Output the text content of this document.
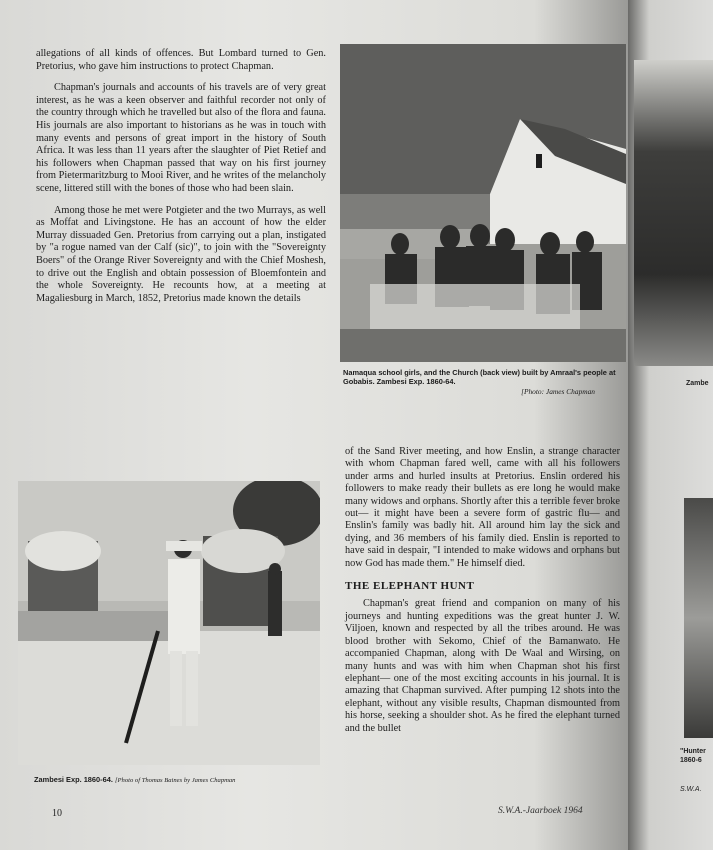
allegations of all kinds of offences. But Lombard turned to Gen. Pretorius, who gave him instructions to protect Chapman.

Chapman's journals and accounts of his travels are of very great interest, as he was a keen observer and faithful recorder not only of the country through which he travelled but also of the flora and fauna. His journals are also important to historians as he was in touch with many events and persons of great import in the history of South Africa. It was less than 11 years after the slaughter of Piet Retief and his followers when Chapman passed that way on his first journey from Pietermaritzburg to Mooi River, and he writes of the melancholy scene, littered still with the bones of those who had been slain.

Among those he met were Potgieter and the two Murrays, as well as Moffat and Livingstone. He has an account of how the elder Murray dissuaded Gen. Pretorius from carrying out a plan, instigated by "a rogue named van der Calf (sic)", to join with the "Sovereignty Boers" of the Orange River Sovereignty and with the Chief Moshesh, to drive out the English and obtain possession of Bloemfontein and the whole Sovereignty. He recounts how, at a meeting at Magaliesburg in March, 1852, Pretorius made known the details

Namaqua school girls, and the Church (back view) built by Amraal's people at Gobabis. Zambesi Exp. 1860-64.
[Photo: James Chapman
Zambesi Exp. 1860-64. [Photo of Thomas Baines by James Chapman

of the Sand River meeting, and how Enslin, a strange character with whom Chapman fared well, came with all his followers under arms and hurled insults at Pretorius. Enslin ordered his followers to make ready their bullets as ere long he would make many widows and orphans. Shortly after this a terrible fever broke out— it might have been a severe form of gastric flu— and Enslin's family was badly hit. All around him lay the sick and dying, and 36 members of his family died. Enslin is reported to have said in despair, "I intended to make widows and orphans but now God has made them." He himself died.

THE ELEPHANT HUNT

Chapman's great friend and companion on many of his journeys and hunting expeditions was the great hunter J. W. Viljoen, known and respected by all the tribes around. He was blood brother with Sekomo, Chief of the Bamanwato. He accompanied Chapman, along with De Waal and Wirsing, on many hunts and was with him when Chapman shot his first elephant— one of the most exciting accounts in his journal. It is amazing that Chapman survived. After pumping 12 shots into the elephant, without any visible results, Chapman dismounted from his horse, seeking a shoulder shot. As he fired the elephant turned and the bullet

10	S.W.A.-Jaarboek 1964
Zambe
"Hunter
1860-6
S.W.A.
